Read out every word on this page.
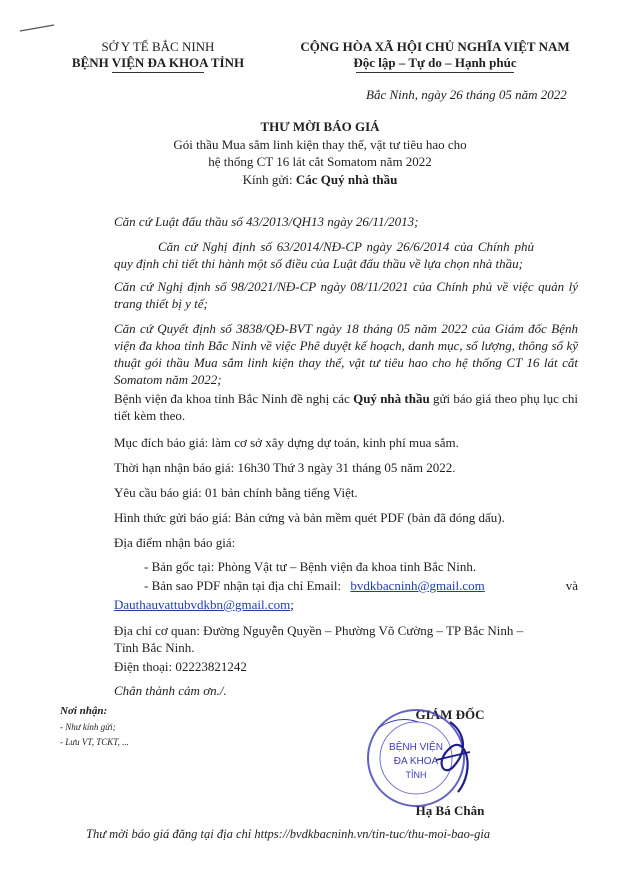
SỞ Y TẾ BẮC NINH
BỆNH VIỆN ĐA KHOA TỈNH
CỘNG HÒA XÃ HỘI CHỦ NGHĨA VIỆT NAM
Độc lập – Tự do – Hạnh phúc
Bắc Ninh, ngày 26 tháng 05 năm 2022
THƯ MỜI BÁO GIÁ
Gói thầu Mua sắm linh kiện thay thế, vật tư tiêu hao cho
hệ thống CT 16 lát cắt Somatom năm 2022
Kính gửi: Các Quý nhà thầu
Căn cứ Luật đấu thầu số 43/2013/QH13 ngày 26/11/2013;
Căn cứ Nghị định số 63/2014/NĐ-CP ngày 26/6/2014 của Chính phủ quy định chi tiết thi hành một số điều của Luật đấu thầu về lựa chọn nhà thầu;
Căn cứ Nghị định số 98/2021/NĐ-CP ngày 08/11/2021 của Chính phủ về việc quản lý trang thiết bị y tế;
Căn cứ Quyết định số 3838/QĐ-BVT ngày 18 tháng 05 năm 2022 của Giám đốc Bệnh viện đa khoa tỉnh Bắc Ninh về việc Phê duyệt kế hoạch, danh mục, số lượng, thông số kỹ thuật gói thầu Mua sắm linh kiện thay thế, vật tư tiêu hao cho hệ thống CT 16 lát cắt Somatom năm 2022;
Bệnh viện đa khoa tỉnh Bắc Ninh đề nghị các Quý nhà thầu gửi báo giá theo phụ lục chi tiết kèm theo.
Mục đích báo giá: làm cơ sở xây dựng dự toán, kinh phí mua sắm.
Thời hạn nhận báo giá: 16h30 Thứ 3 ngày 31 tháng 05 năm 2022.
Yêu cầu báo giá: 01 bản chính bằng tiếng Việt.
Hình thức gửi báo giá: Bản cứng và bản mềm quét PDF (bản đã đóng dấu).
Địa điểm nhận báo giá:
- Bản gốc tại: Phòng Vật tư – Bệnh viện đa khoa tỉnh Bắc Ninh.
- Bản sao PDF nhận tại địa chỉ Email: bvdkbacninh@gmail.com	và
Dauthauvattubvdkbn@gmail.com;
Địa chỉ cơ quan: Đường Nguyễn Quyền – Phường Võ Cường – TP Bắc Ninh –
Tỉnh Bắc Ninh.
Điện thoại: 02223821242
Chân thành cảm ơn./.
Nơi nhận:
- Như kính gửi;
- Lưu VT, TCKT, ...
GIÁM ĐỐC
BỆNH VIỆN
ĐA KHOA
TỈNH
Hạ Bá Chân
Thư mời báo giá đăng tại địa chỉ https://bvdkbacninh.vn/tin-tuc/thu-moi-bao-gia
